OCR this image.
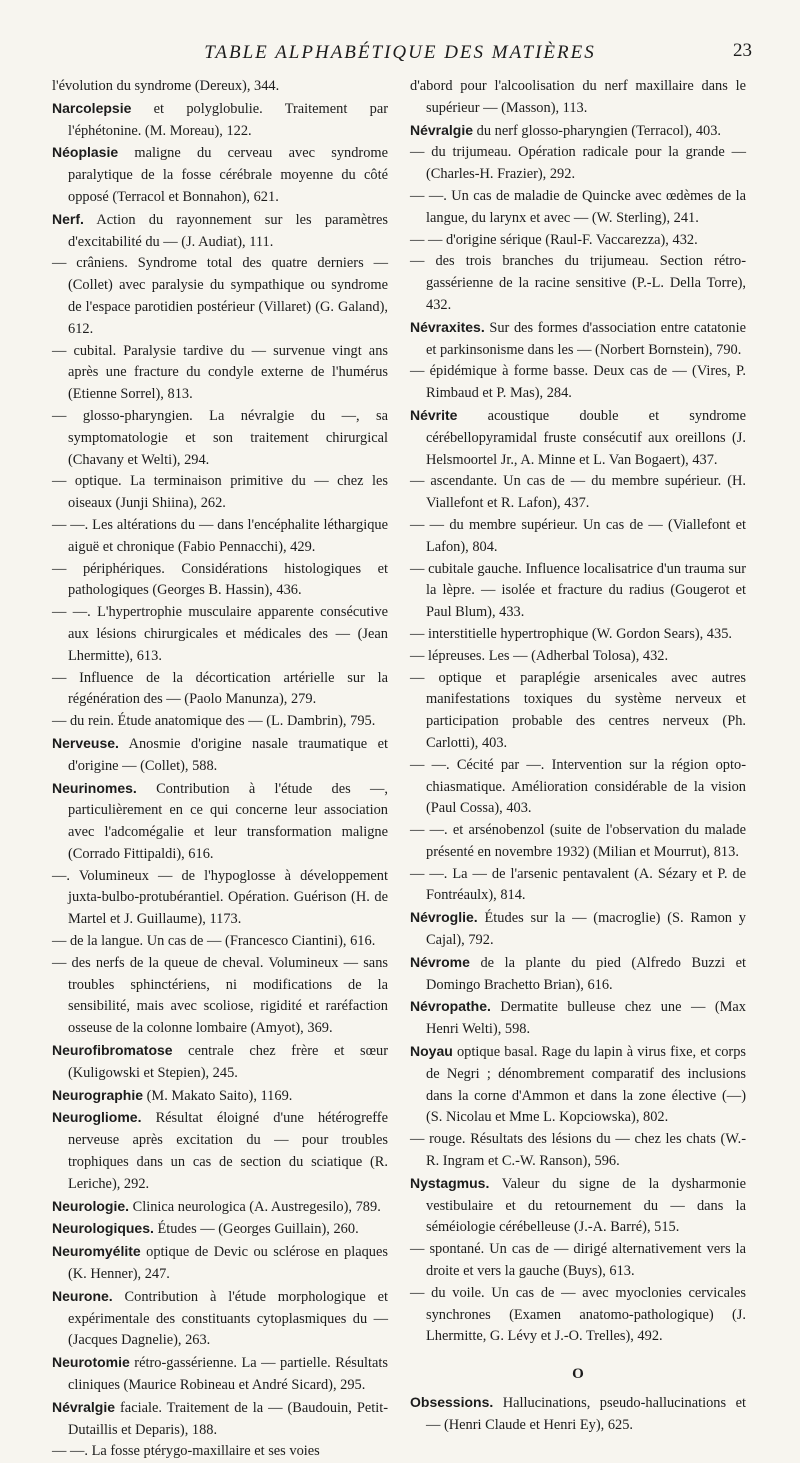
TABLE ALPHABÉTIQUE DES MATIÈRES	23

l'évolution du syndrome (Dereux), 344.

Narcolepsie et polyglobulie. Traitement par l'éphétonine. (M. Moreau), 122.

Néoplasie maligne du cerveau avec syndrome paralytique de la fosse cérébrale moyenne du côté opposé (Terracol et Bonnahon), 621.

Nerf. Action du rayonnement sur les paramètres d'excitabilité du — (J. Audiat), 111.

— crâniens. Syndrome total des quatre derniers — (Collet) avec paralysie du sympathique ou syndrome de l'espace parotidien postérieur (Villaret) (G. Galand), 612.

— cubital. Paralysie tardive du — survenue vingt ans après une fracture du condyle externe de l'humérus (Etienne Sorrel), 813.

— glosso-pharyngien. La névralgie du —, sa symptomatologie et son traitement chirurgical (Chavany et Welti), 294.

— optique. La terminaison primitive du — chez les oiseaux (Junji Shiina), 262.

— —. Les altérations du — dans l'encéphalite léthargique aiguë et chronique (Fabio Pennacchi), 429.

— périphériques. Considérations histologiques et pathologiques (Georges B. Hassin), 436.

— —. L'hypertrophie musculaire apparente consécutive aux lésions chirurgicales et médicales des — (Jean Lhermitte), 613.

— Influence de la décortication artérielle sur la régénération des — (Paolo Manunza), 279.

— du rein. Étude anatomique des — (L. Dambrin), 795.

Nerveuse. Anosmie d'origine nasale traumatique et d'origine — (Collet), 588.

Neurinomes. Contribution à l'étude des —, particulièrement en ce qui concerne leur association avec l'adcomégalie et leur transformation maligne (Corrado Fittipaldi), 616.

—. Volumineux — de l'hypoglosse à développement juxta-bulbo-protubérantiel. Opération. Guérison (H. de Martel et J. Guillaume), 1173.

— de la langue. Un cas de — (Francesco Ciantini), 616.

— des nerfs de la queue de cheval. Volumineux — sans troubles sphinctériens, ni modifications de la sensibilité, mais avec scoliose, rigidité et raréfaction osseuse de la colonne lombaire (Amyot), 369.

Neurofibromatose centrale chez frère et sœur (Kuligowski et Stepien), 245.

Neurographie (M. Makato Saito), 1169.

Neurogliome. Résultat éloigné d'une hétérogreffe nerveuse après excitation du — pour troubles trophiques dans un cas de section du sciatique (R. Leriche), 292.

Neurologie. Clinica neurologica (A. Austregesilo), 789.

Neurologiques. Études — (Georges Guillain), 260.

Neuromyélite optique de Devic ou sclérose en plaques (K. Henner), 247.

Neurone. Contribution à l'étude morphologique et expérimentale des constituants cytoplasmiques du — (Jacques Dagnelie), 263.

Neurotomie rétro-gassérienne. La — partielle. Résultats cliniques (Maurice Robineau et André Sicard), 295.

Névralgie faciale. Traitement de la — (Baudouin, Petit-Dutaillis et Deparis), 188.

— —. La fosse ptérygo-maxillaire et ses voies

d'abord pour l'alcoolisation du nerf maxillaire dans le supérieur — (Masson), 113.

Névralgie du nerf glosso-pharyngien (Terracol), 403.

— du trijumeau. Opération radicale pour la grande — (Charles-H. Frazier), 292.

— —. Un cas de maladie de Quincke avec œdèmes de la langue, du larynx et avec — (W. Sterling), 241.

— — d'origine sérique (Raul-F. Vaccarezza), 432.

— des trois branches du trijumeau. Section rétro-gassérienne de la racine sensitive (P.-L. Della Torre), 432.

Névraxites. Sur des formes d'association entre catatonie et parkinsonisme dans les — (Norbert Bornstein), 790.

— épidémique à forme basse. Deux cas de — (Vires, P. Rimbaud et P. Mas), 284.

Névrite acoustique double et syndrome cérébellopyramidal fruste consécutif aux oreillons (J. Helsmoortel Jr., A. Minne et L. Van Bogaert), 437.

— ascendante. Un cas de — du membre supérieur. (H. Viallefont et R. Lafon), 437.

— — du membre supérieur. Un cas de — (Viallefont et Lafon), 804.

— cubitale gauche. Influence localisatrice d'un trauma sur la lèpre. — isolée et fracture du radius (Gougerot et Paul Blum), 433.

— interstitielle hypertrophique (W. Gordon Sears), 435.

— lépreuses. Les — (Adherbal Tolosa), 432.

— optique et paraplégie arsenicales avec autres manifestations toxiques du système nerveux et participation probable des centres nerveux (Ph. Carlotti), 403.

— —. Cécité par —. Intervention sur la région opto-chiasmatique. Amélioration considérable de la vision (Paul Cossa), 403.

— —. et arsénobenzol (suite de l'observation du malade présenté en novembre 1932) (Milian et Mourrut), 813.

— —. La — de l'arsenic pentavalent (A. Sézary et P. de Fontréaulx), 814.

Névroglie. Études sur la — (macroglie) (S. Ramon y Cajal), 792.

Névrome de la plante du pied (Alfredo Buzzi et Domingo Brachetto Brian), 616.

Névropathe. Dermatite bulleuse chez une — (Max Henri Welti), 598.

Noyau optique basal. Rage du lapin à virus fixe, et corps de Negri ; dénombrement comparatif des inclusions dans la corne d'Ammon et dans la zone élective (—) (S. Nicolau et Mme L. Kopciowska), 802.

— rouge. Résultats des lésions du — chez les chats (W.-R. Ingram et C.-W. Ranson), 596.

Nystagmus. Valeur du signe de la dysharmonie vestibulaire et du retournement du — dans la séméiologie cérébelleuse (J.-A. Barré), 515.

— spontané. Un cas de — dirigé alternativement vers la droite et vers la gauche (Buys), 613.

— du voile. Un cas de — avec myoclonies cervicales synchrones (Examen anatomo-pathologique) (J. Lhermitte, G. Lévy et J.-O. Trelles), 492.

O

Obsessions. Hallucinations, pseudo-hallucinations et — (Henri Claude et Henri Ey), 625.
